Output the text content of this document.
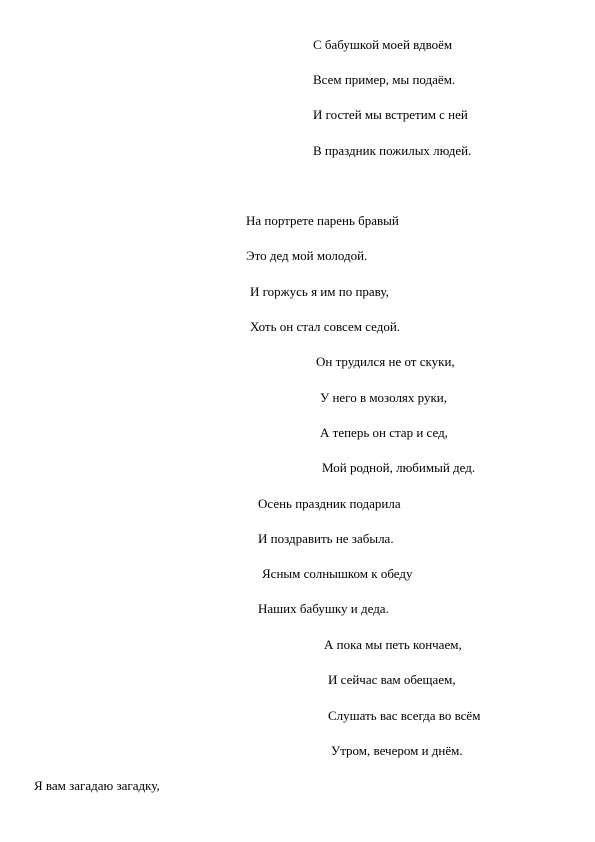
С бабушкой моей вдвоём
Всем пример, мы подаём.
И гостей мы встретим с ней
В праздник пожилых людей.
На портрете парень бравый
Это дед мой молодой.
И горжусь я им по праву,
Хоть он стал совсем седой.
Он трудился не от скуки,
У него в мозолях руки,
А теперь он стар и сед,
Мой родной, любимый дед.
Осень праздник подарила
И поздравить не забыла.
Ясным солнышком к обеду
Наших бабушку и деда.
А пока мы петь кончаем,
И сейчас вам обещаем,
Слушать вас всегда во всём
Утром, вечером и днём.
Я вам загадаю загадку,
